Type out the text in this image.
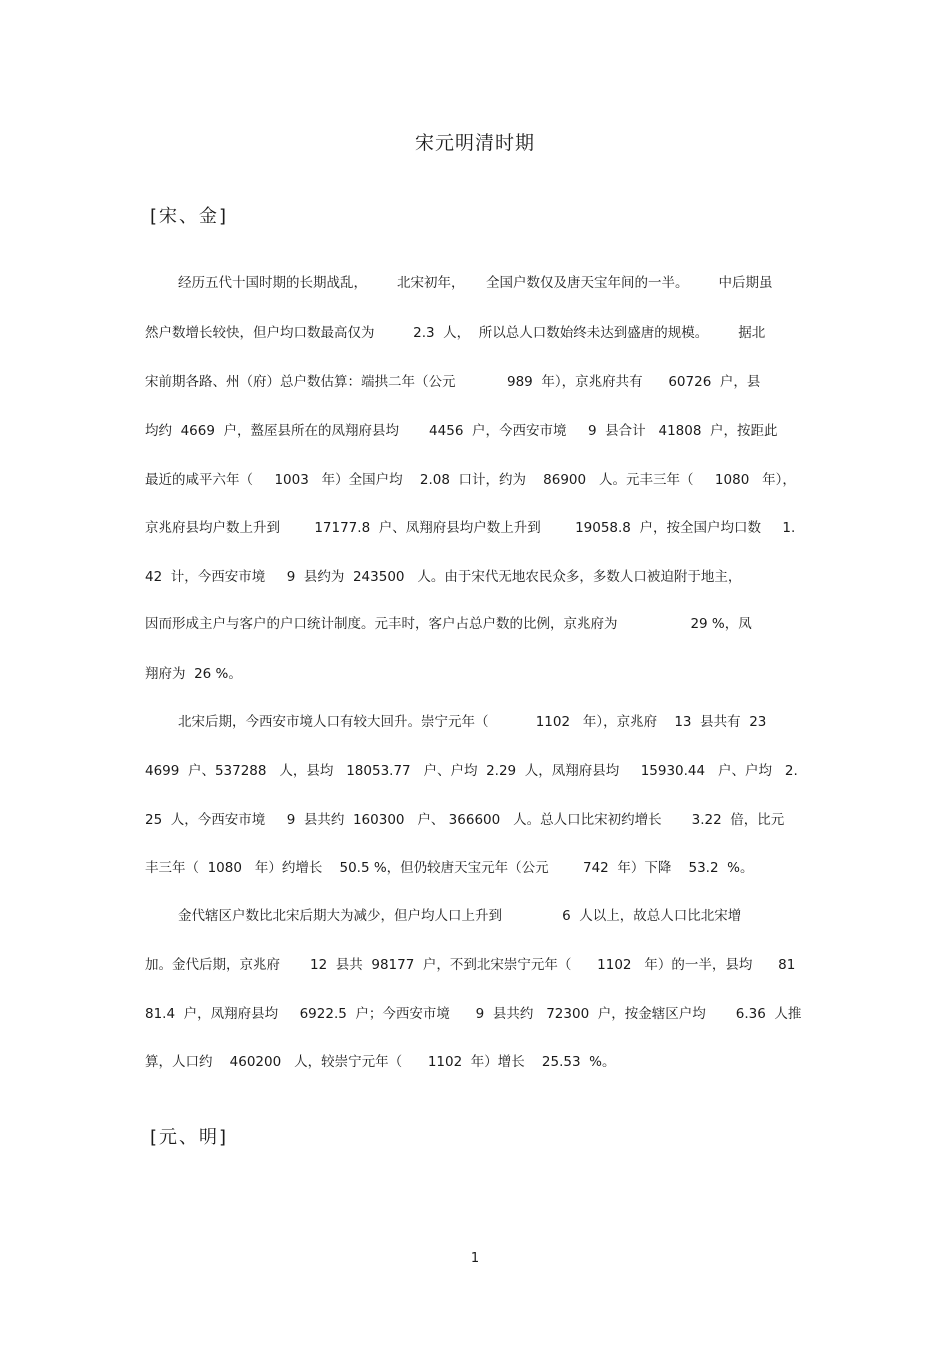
宋元明清时期
[宋、金]
经历五代十国时期的长期战乱，       北宋初年，     全国户数仅及唐天宝年间的一半。       中后期虽
然户数增长较快，但户均口数最高仅为         2.3  人，  所以总人口数始终未达到盛唐的规模。       据北
宋前期各路、州（府）总户数估算：端拱二年（公元            989  年），京兆府共有      60726  户，县
均约  4669  户，盩厔县所在的凤翔府县均       4456  户，今西安市境     9  县合计   41808  户，按距此
最近的咸平六年（     1003   年）全国户均    2.08  口计，约为    86900   人。元丰三年（     1080   年），
京兆府县均户数上升到        17177.8  户、凤翔府县均户数上升到        19058.8  户，按全国户均口数     1.
42  计，今西安市境     9  县约为  243500   人。由于宋代无地农民众多，多数人口被迫附于地主，
因而形成主户与客户的户口统计制度。元丰时，客户占总户数的比例，京兆府为                 29 %，凤
翔府为  26 %。
北宋后期，今西安市境人口有较大回升。崇宁元年（           1102   年），京兆府    13  县共有  23
4699  户、537288   人，县均   18053.77   户、户均  2.29  人，凤翔府县均     15930.44   户、户均   2.
25  人，今西安市境     9  县共约  160300   户、 366600   人。总人口比宋初约增长       3.22  倍，比元
丰三年（  1080   年）约增长    50.5 %，但仍较唐天宝元年（公元        742  年）下降    53.2  %。
金代辖区户数比北宋后期大为减少，但户均人口上升到              6  人以上，故总人口比北宋增
加。金代后期，京兆府       12  县共  98177  户，不到北宋崇宁元年（      1102   年）的一半，县均      81
81.4  户，凤翔府县均     6922.5  户；今西安市境      9  县共约   72300  户，按金辖区户均       6.36  人推
算，人口约    460200   人，较崇宁元年（      1102  年）增长    25.53  %。
[元、明]
1
